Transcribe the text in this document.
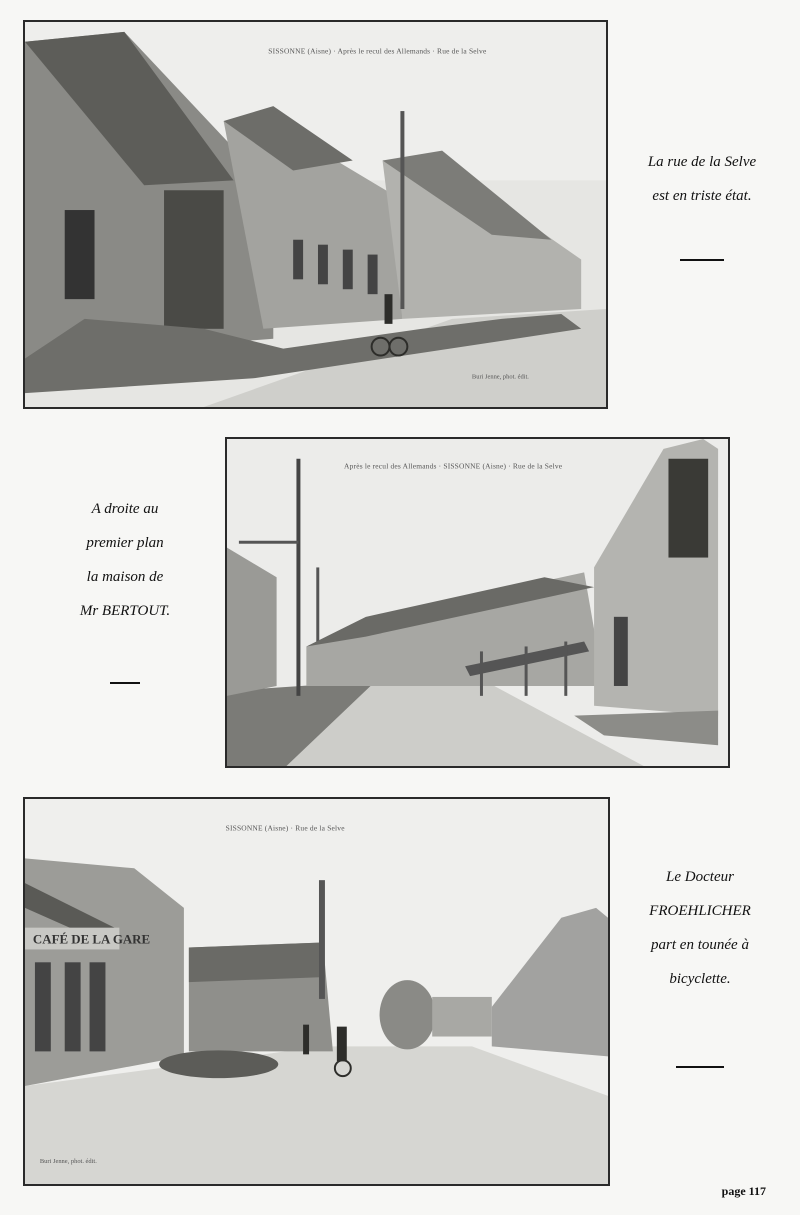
SISSONNE (Aisne) · Après le recul des Allemands · Rue de la Selve
Buri Jenne, phot. édit.
La rue de la Selve
est en triste état.
Après le recul des Allemands · SISSONNE (Aisne) · Rue de la Selve
A droite au
premier plan
la maison de
Mr BERTOUT.
CAFÉ DE LA GARE
SISSONNE (Aisne) · Rue de la Selve
Buri Jenne, phot. édit.
Le Docteur
FROEHLICHER
part en tounée à
bicyclette.
page 117
